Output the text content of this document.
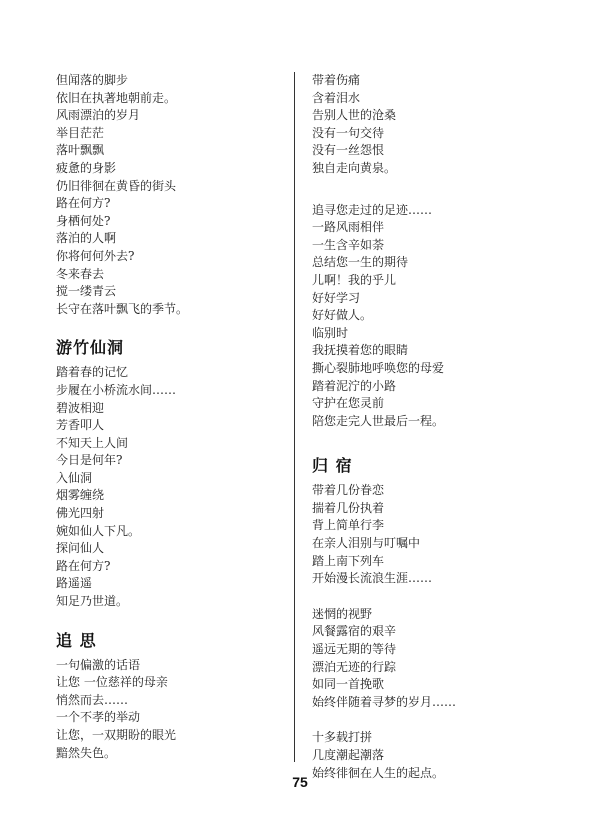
但闻落的脚步
依旧在执著地朝前走。
风雨漂泊的岁月
举目茫茫
落叶飘飘
疲惫的身影
仍旧徘徊在黄昏的街头
路在何方?
身栖何处?
落泊的人啊
你将何何外去?
冬来春去
搅一缕青云
长守在落叶飘飞的季节。
游竹仙洞
踏着春的记忆
步履在小桥流水间……
碧波相迎
芳香叩人
不知天上人间
今日是何年?
入仙洞
烟雾缠绕
佛光四射
婉如仙人下凡。
探问仙人
路在何方?
路遥遥
知足乃世道。
追 思
一句偏激的话语
让您 一位慈祥的母亲
悄然而去……
一个不孝的举动
让您，一双期盼的眼光
黯然失色。
带着伤痛
含着泪水
告别人世的沧桑
没有一句交待
没有一丝怨恨
独自走向黄泉。
追寻您走过的足迹……
一路风雨相伴
一生含辛如荼
总结您一生的期待
儿啊！我的乎儿
好好学习
好好做人。
临别时
我抚摸着您的眼睛
撕心裂肺地呼唤您的母爱
踏着泥泞的小路
守护在您灵前
陪您走完人世最后一程。
归 宿
带着几份眷恋
揣着几份执着
背上简单行李
在亲人泪别与叮嘱中
踏上南下列车
开始漫长流浪生涯……
迷惘的视野
风餐露宿的艰辛
遥远无期的等待
漂泊无迹的行踪
如同一首挽歌
始终伴随着寻梦的岁月……
十多载打拼
几度潮起潮落
始终徘徊在人生的起点。
75
